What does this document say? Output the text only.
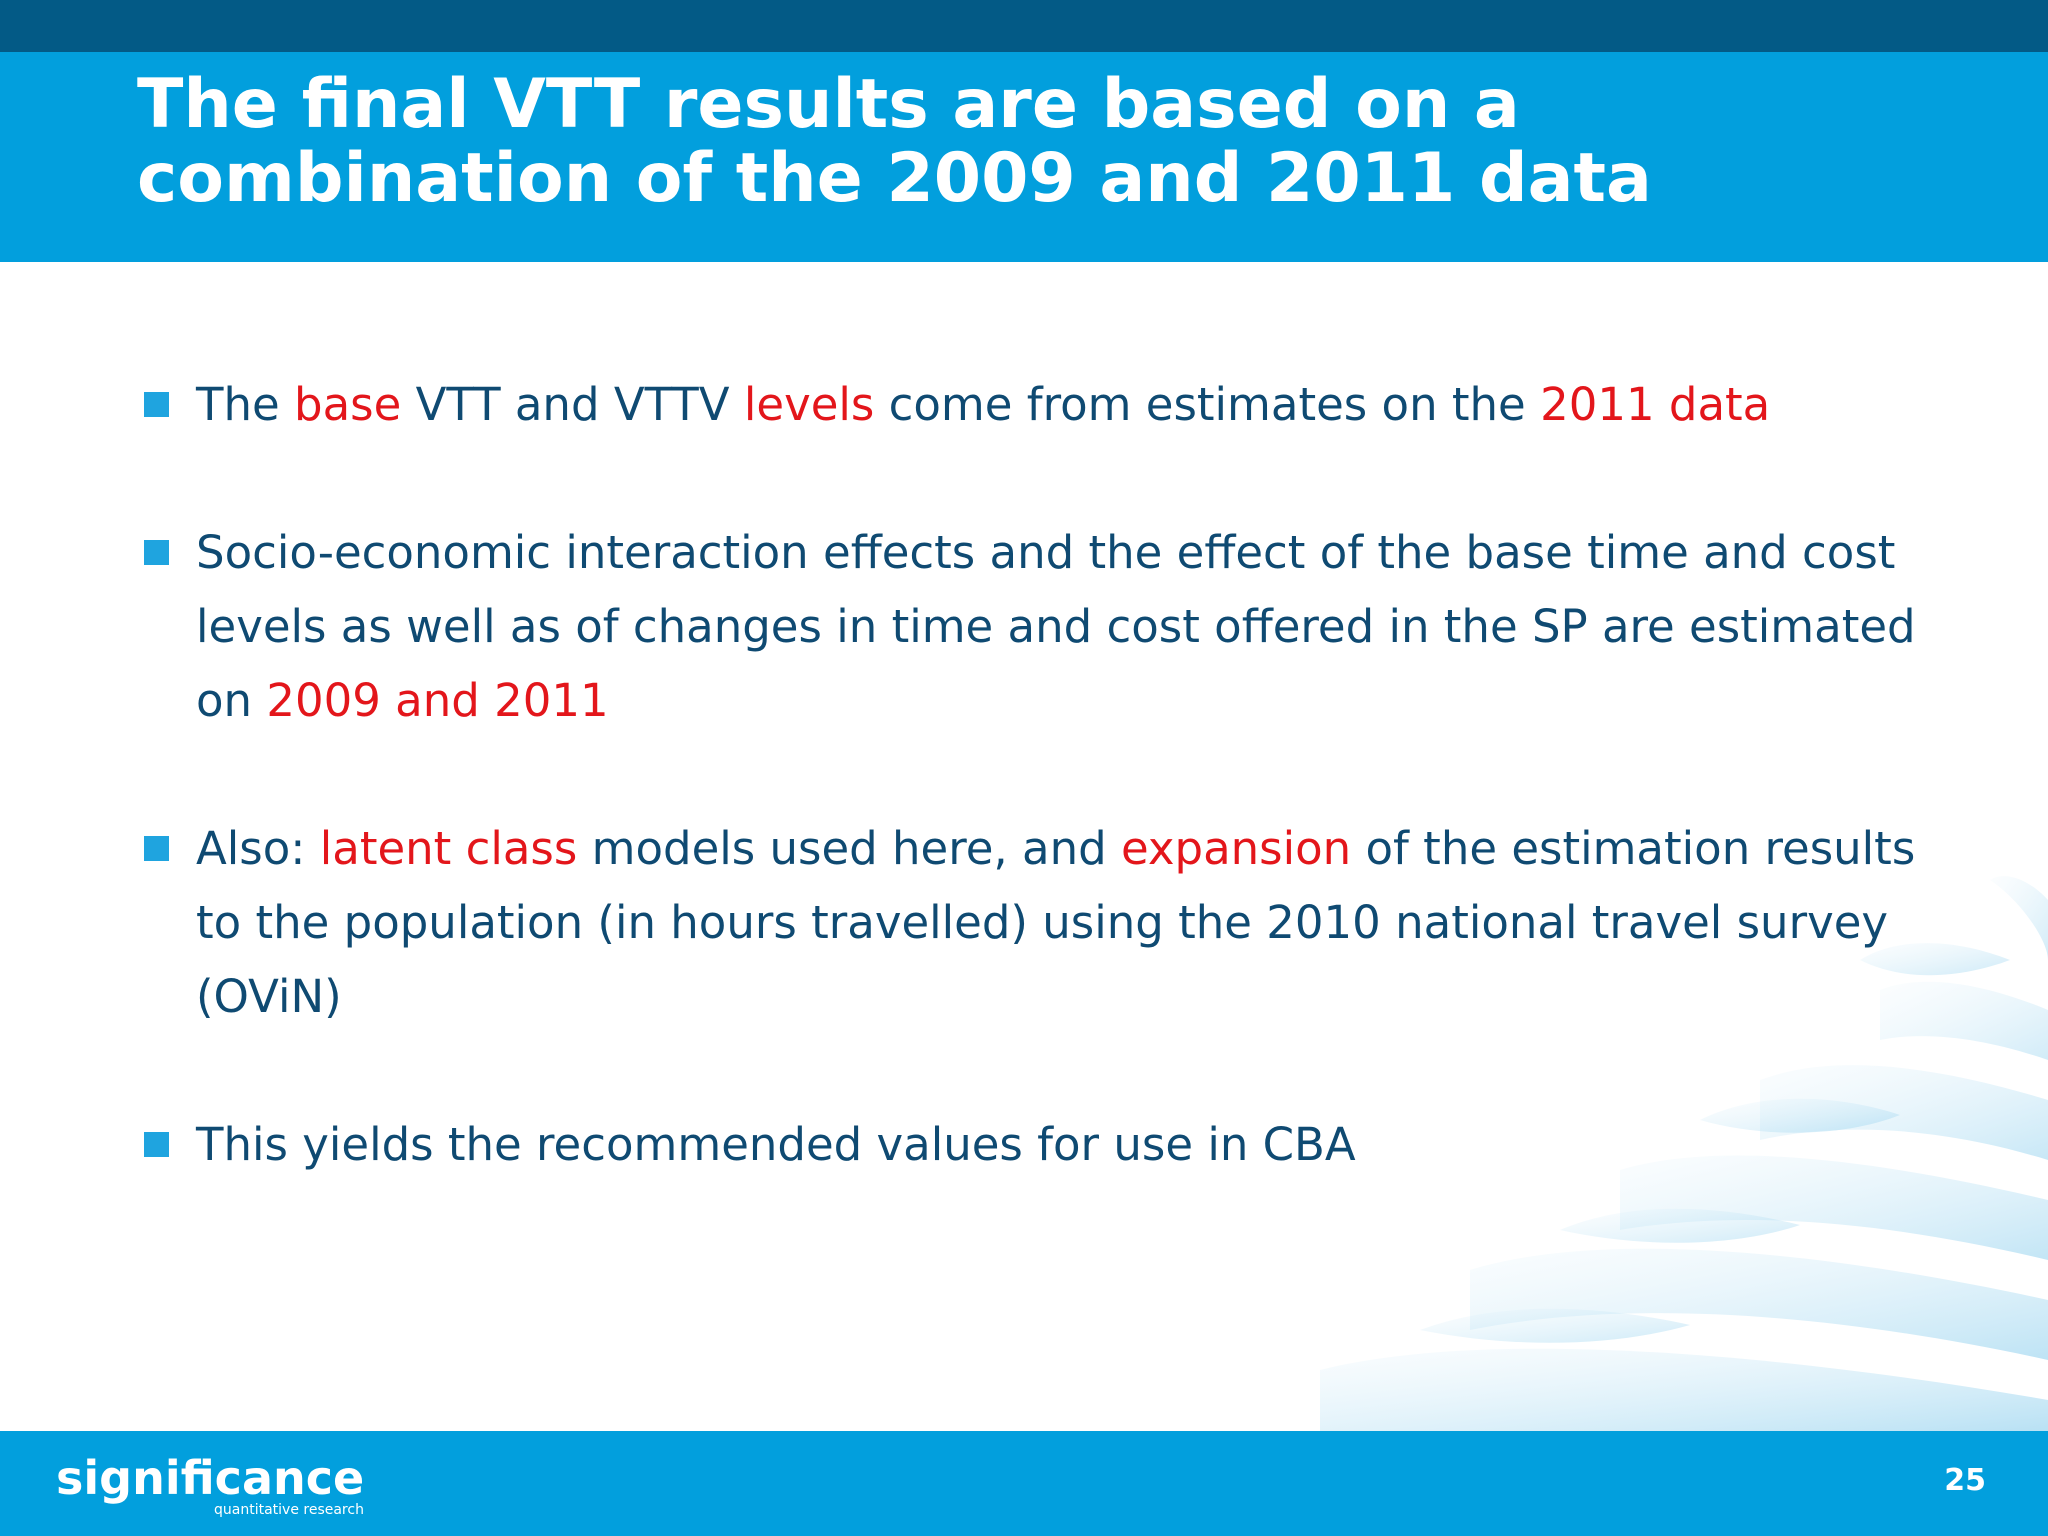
The final VTT results are based on a
combination of the 2009 and 2011 data
The base VTT and VTTV levels come from estimates on the 2011 data
Socio-economic interaction effects and the effect of the base time and cost levels as well as of changes in time and cost offered in the SP are estimated on 2009 and 2011
Also: latent class models used here, and expansion of the estimation results to the population (in hours travelled) using the 2010 national travel survey (OViN)
This yields the recommended values for use in CBA
significance
quantitative research
25
